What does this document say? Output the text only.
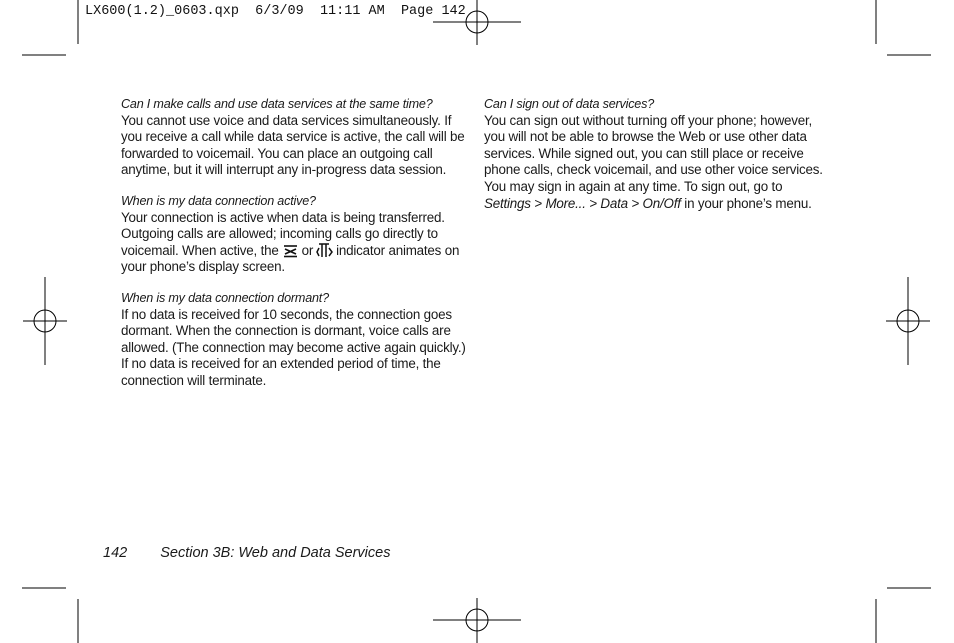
LX600(1.2)_0603.qxp  6/3/09  11:11 AM  Page 142

Can I make calls and use data services at the same time?

You cannot use voice and data services simultaneously. If you receive a call while data service is active, the call will be forwarded to voicemail. You can place an outgoing call anytime, but it will interrupt any in-progress data session.

When is my data connection active?

Your connection is active when data is being transferred. Outgoing calls are allowed; incoming calls go directly to voicemail. When active, the or indicator animates on your phone’s display screen.

When is my data connection dormant?

If no data is received for 10 seconds, the connection goes dormant. When the connection is dormant, voice calls are allowed. (The connection may become active again quickly.) If no data is received for an extended period of time, the connection will terminate.

Can I sign out of data services?

You can sign out without turning off your phone; however, you will not be able to browse the Web or use other data services. While signed out, you can still place or receive phone calls, check voicemail, and use other voice services. You may sign in again at any time. To sign out, go to Settings > More... > Data > On/Off in your phone’s menu.

142 Section 3B: Web and Data Services
